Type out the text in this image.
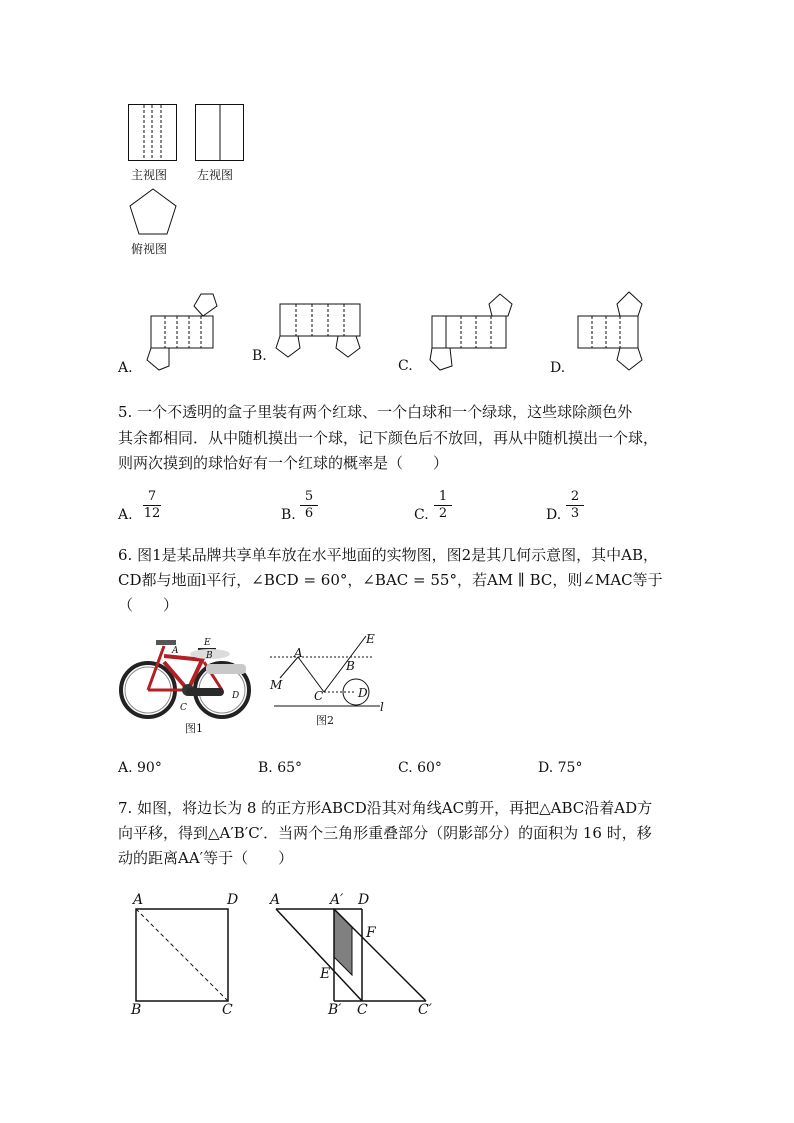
主视图 左视图
俯视图
A.
B.
C.	D.
5. 一个不透明的盒子里装有两个红球、一个白球和一个绿球，这些球除颜色外
其余都相同．从中随机摸出一个球，记下颜色后不放回，再从中随机摸出一个球，
则两次摸到的球恰好有一个红球的概率是（　　）
A. $\frac{7}{12}$	B. $\frac{5}{6}$	C. $\frac{1}{2}$	D. $\frac{2}{3}$
6. 图1是某品牌共享单车放在水平地面的实物图，图2是其几何示意图，其中AB，
CD都与地面l平行，∠BCD = 60°，∠BAC = 55°，若AM ∥ BC，则∠MAC等于
（　　）
A
E
B
C
D
图1
A
B
C	D
E
M
l
图2
A. 90°	B. 65°	C. 60°	D. 75°
7. 如图，将边长为 8 的正方形ABCD沿其对角线AC剪开，再把△ABC沿着AD方
向平移，得到△A′B′C′．当两个三角形重叠部分（阴影部分）的面积为 16 时，移
动的距离AA′等于（　　）
A	D
B	C
A	A′ D
F
E
B′ C	C′
